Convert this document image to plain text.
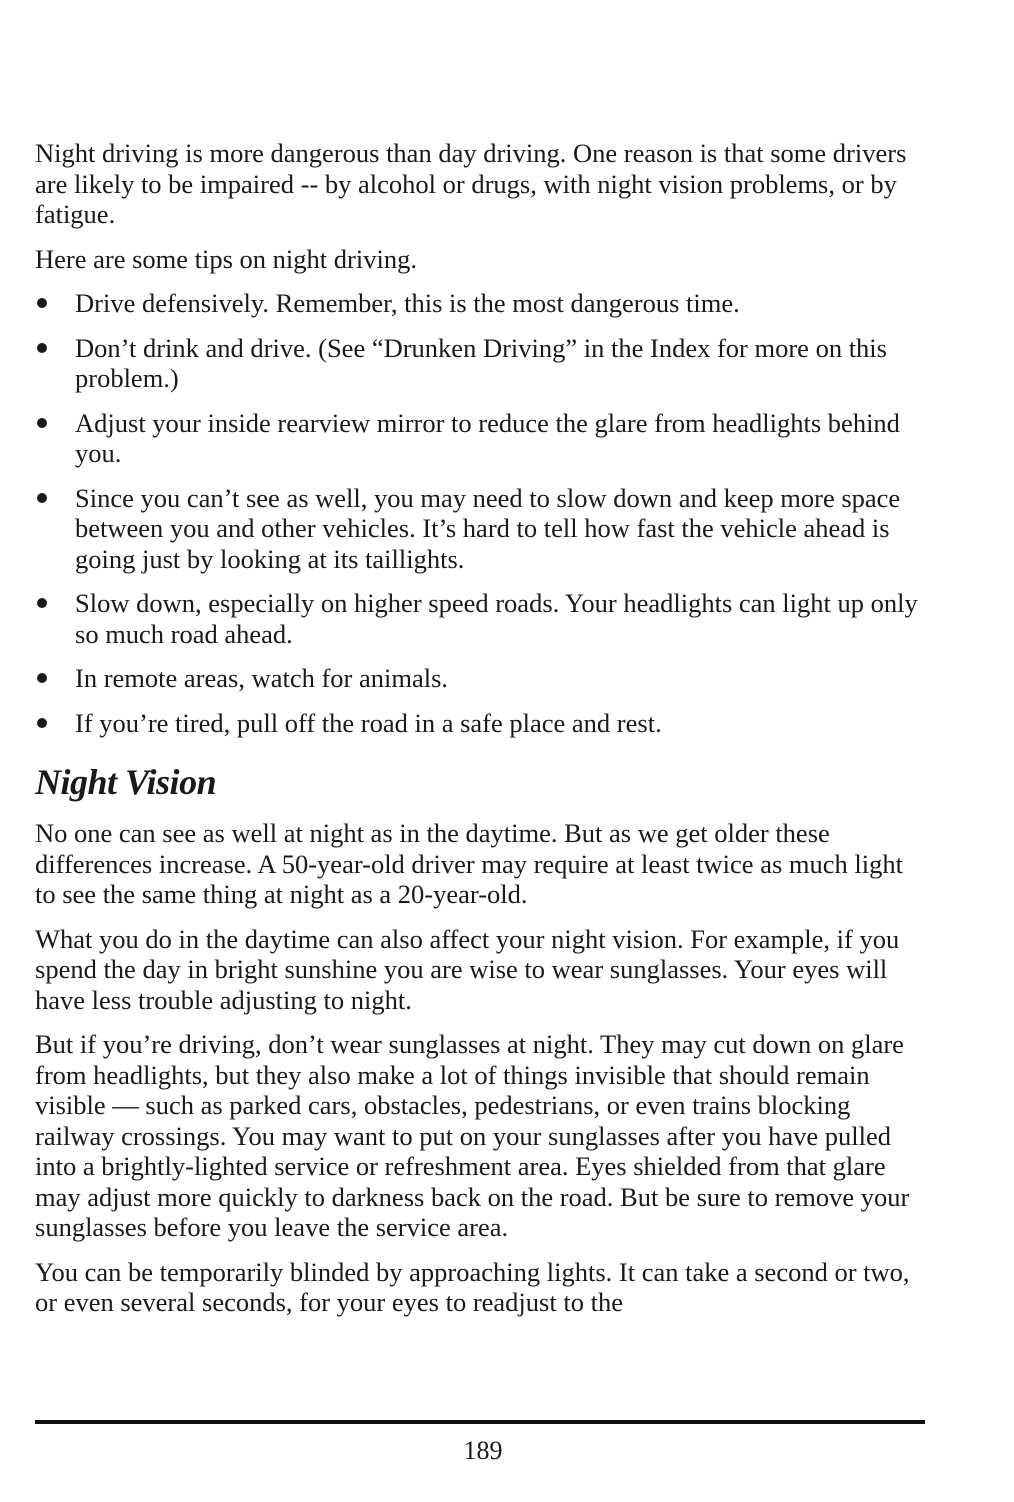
Night driving is more dangerous than day driving. One reason is that some drivers are likely to be impaired -- by alcohol or drugs, with night vision problems, or by fatigue.

Here are some tips on night driving.

Drive defensively. Remember, this is the most dangerous time.
Don’t drink and drive. (See “Drunken Driving” in the Index for more on this problem.)
Adjust your inside rearview mirror to reduce the glare from headlights behind you.
Since you can’t see as well, you may need to slow down and keep more space between you and other vehicles. It’s hard to tell how fast the vehicle ahead is going just by looking at its taillights.
Slow down, especially on higher speed roads. Your headlights can light up only so much road ahead.
In remote areas, watch for animals.
If you’re tired, pull off the road in a safe place and rest.
Night Vision

No one can see as well at night as in the daytime. But as we get older these differences increase. A 50-year-old driver may require at least twice as much light to see the same thing at night as a 20-year-old.

What you do in the daytime can also affect your night vision. For example, if you spend the day in bright sunshine you are wise to wear sunglasses. Your eyes will have less trouble adjusting to night.

But if you’re driving, don’t wear sunglasses at night. They may cut down on glare from headlights, but they also make a lot of things invisible that should remain visible — such as parked cars, obstacles, pedestrians, or even trains blocking railway crossings. You may want to put on your sunglasses after you have pulled into a brightly-lighted service or refreshment area. Eyes shielded from that glare may adjust more quickly to darkness back on the road. But be sure to remove your sunglasses before you leave the service area.

You can be temporarily blinded by approaching lights. It can take a second or two, or even several seconds, for your eyes to readjust to the

189
